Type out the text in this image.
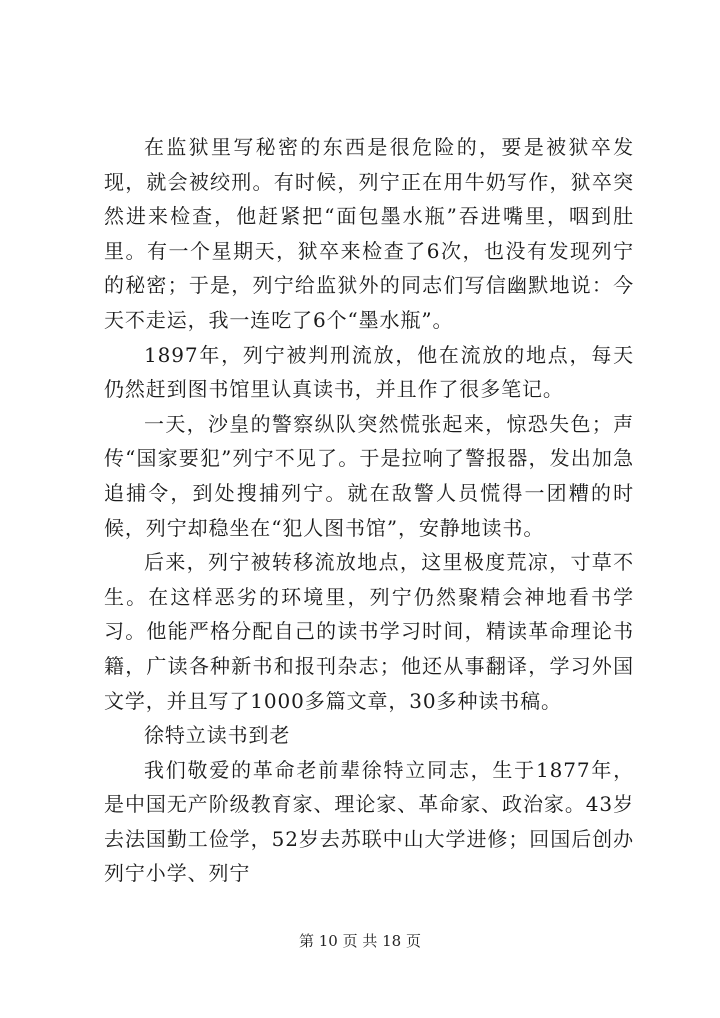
在监狱里写秘密的东西是很危险的，要是被狱卒发现，就会被绞刑。有时候，列宁正在用牛奶写作，狱卒突然进来检查，他赶紧把“面包墨水瓶”吞进嘴里，咽到肚里。有一个星期天，狱卒来检查了6次，也没有发现列宁的秘密；于是，列宁给监狱外的同志们写信幽默地说：今天不走运，我一连吃了6个“墨水瓶”。

1897年，列宁被判刑流放，他在流放的地点，每天仍然赶到图书馆里认真读书，并且作了很多笔记。

一天，沙皇的警察纵队突然慌张起来，惊恐失色；声传“国家要犯”列宁不见了。于是拉响了警报器，发出加急追捕令，到处搜捕列宁。就在敌警人员慌得一团糟的时候，列宁却稳坐在“犯人图书馆”，安静地读书。

后来，列宁被转移流放地点，这里极度荒凉，寸草不生。在这样恶劣的环境里，列宁仍然聚精会神地看书学习。他能严格分配自己的读书学习时间，精读革命理论书籍，广读各种新书和报刊杂志；他还从事翻译，学习外国文学，并且写了1000多篇文章，30多种读书稿。

徐特立读书到老

我们敬爱的革命老前辈徐特立同志，生于1877年，是中国无产阶级教育家、理论家、革命家、政治家。43岁去法国勤工俭学，52岁去苏联中山大学进修；回国后创办列宁小学、列宁

第 10 页 共 18 页
